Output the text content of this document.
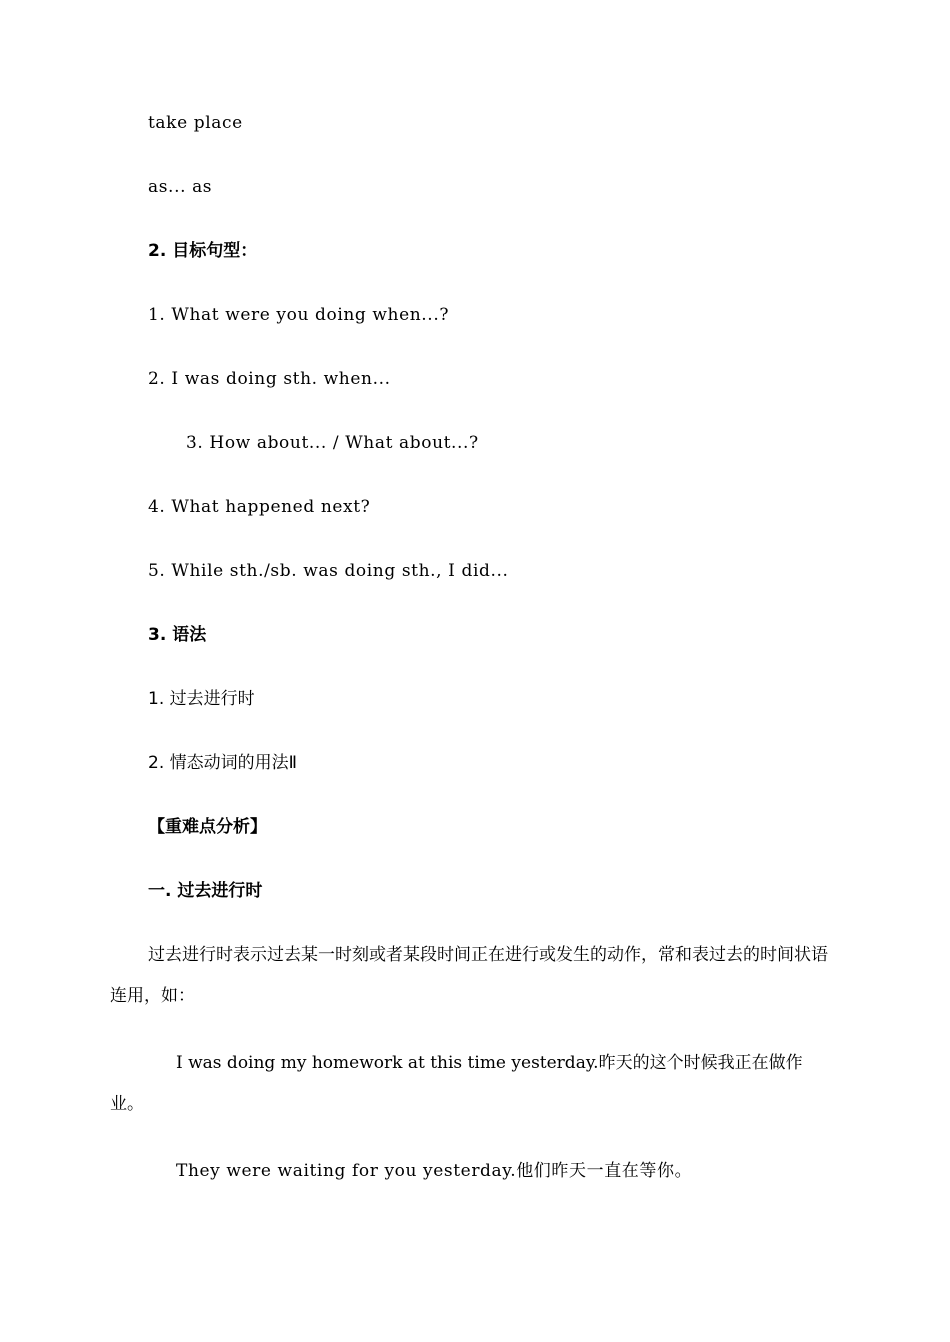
take place
as... as
2. 目标句型：
1. What were you doing when...?
2. I was doing sth. when...
3. How about... / What about...?
4. What happened next?
5. While sth./sb. was doing sth., I did...
3. 语法
1. 过去进行时
2. 情态动词的用法Ⅱ
【重难点分析】
一. 过去进行时
过去进行时表示过去某一时刻或者某段时间正在进行或发生的动作，常和表过去的时间状语连用，如：
I was doing my homework at this time yesterday.昨天的这个时候我正在做作业。
They were waiting for you yesterday.他们昨天一直在等你。
